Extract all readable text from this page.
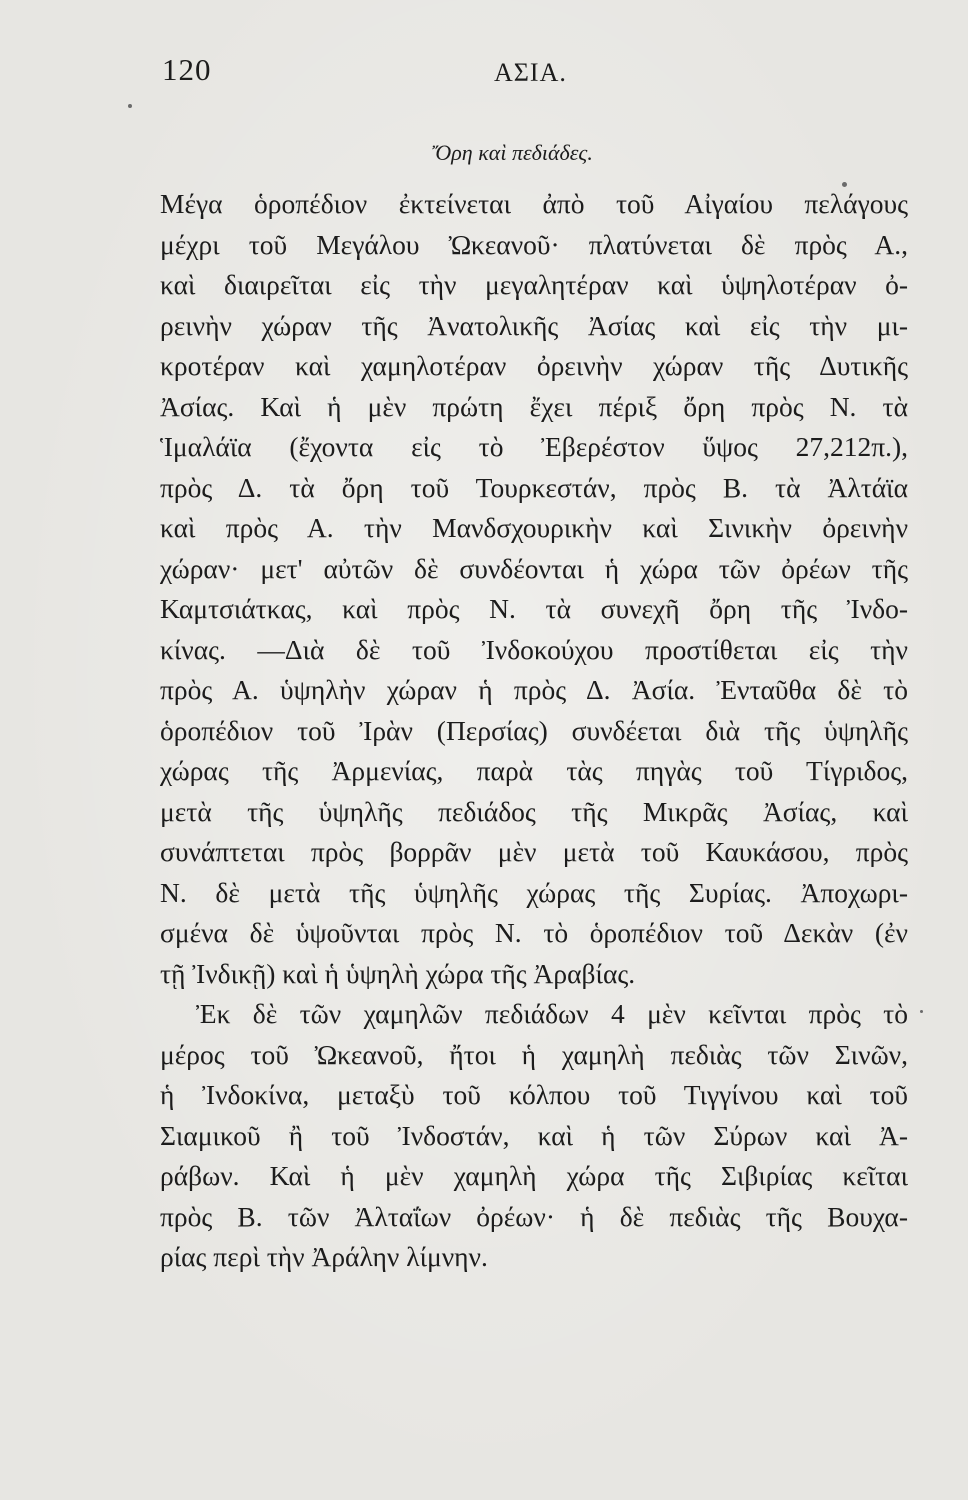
120	ΑΣΙΑ.
Ὄρη καὶ πεδιάδες.
Μέγα ὁροπέδιον ἐκτείνεται ἀπὸ τοῦ Αἰγαίου πελάγους
μέχρι τοῦ Μεγάλου Ὠκεανοῦ· πλατύνεται δὲ πρὸς Α.,
καὶ διαιρεῖται εἰς τὴν μεγαλητέραν καὶ ὑψηλοτέραν ὀ-
ρεινὴν χώραν τῆς Ἀνατολικῆς Ἀσίας καὶ εἰς τὴν μι-
κροτέραν καὶ χαμηλοτέραν ὀρεινὴν χώραν τῆς Δυτικῆς
Ἀσίας. Καὶ ἡ μὲν πρώτη ἔχει πέριξ ὄρη πρὸς Ν. τὰ
Ἱμαλάϊα (ἔχοντα εἰς τὸ Ἐβερέστον ὕψος 27,212π.),
πρὸς Δ. τὰ ὄρη τοῦ Τουρκεστάν, πρὸς Β. τὰ Ἀλτάϊα
καὶ πρὸς Α. τὴν Μανδσχουρικὴν καὶ Σινικὴν ὀρεινὴν
χώραν· μετ' αὐτῶν δὲ συνδέονται ἡ χώρα τῶν ὀρέων τῆς
Καμτσιάτκας, καὶ πρὸς Ν. τὰ συνεχῆ ὄρη τῆς Ἰνδο-
κίνας. —Διὰ δὲ τοῦ Ἰνδοκούχου προστίθεται εἰς τὴν
πρὸς Α. ὑψηλὴν χώραν ἡ πρὸς Δ. Ἀσία. Ἐνταῦθα δὲ τὸ
ὁροπέδιον τοῦ Ἰρὰν (Περσίας) συνδέεται διὰ τῆς ὑψηλῆς
χώρας τῆς Ἀρμενίας, παρὰ τὰς πηγὰς τοῦ Τίγριδος,
μετὰ τῆς ὑψηλῆς πεδιάδος τῆς Μικρᾶς Ἀσίας, καὶ
συνάπτεται πρὸς βορρᾶν μὲν μετὰ τοῦ Καυκάσου, πρὸς
Ν. δὲ μετὰ τῆς ὑψηλῆς χώρας τῆς Συρίας. Ἀποχωρι-
σμένα δὲ ὑψοῦνται πρὸς Ν. τὸ ὁροπέδιον τοῦ Δεκὰν (ἐν
τῇ Ἰνδικῇ) καὶ ἡ ὑψηλὴ χώρα τῆς Ἀραβίας.
Ἐκ δὲ τῶν χαμηλῶν πεδιάδων 4 μὲν κεῖνται πρὸς τὸ
μέρος τοῦ Ὠκεανοῦ, ἤτοι ἡ χαμηλὴ πεδιὰς τῶν Σινῶν,
ἡ Ἰνδοκίνα, μεταξὺ τοῦ κόλπου τοῦ Τιγγίνου καὶ τοῦ
Σιαμικοῦ ἢ τοῦ Ἰνδοστάν, καὶ ἡ τῶν Σύρων καὶ Ἀ-
ράβων. Καὶ ἡ μὲν χαμηλὴ χώρα τῆς Σιβιρίας κεῖται
πρὸς Β. τῶν Ἀλταΐων ὀρέων· ἡ δὲ πεδιὰς τῆς Βουχα-
ρίας περὶ τὴν Ἀράλην λίμνην.
